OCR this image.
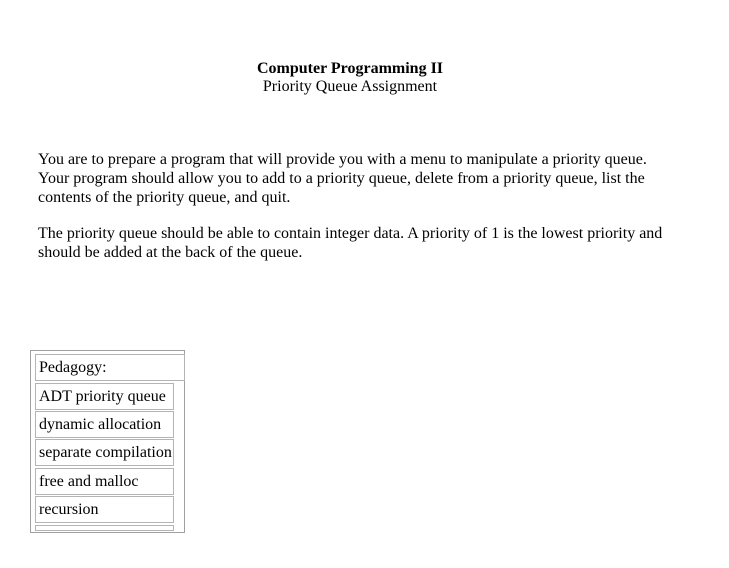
Computer Programming II
Priority Queue Assignment

You are to prepare a program that will provide you with a menu to manipulate a priority queue. Your program should allow you to add to a priority queue, delete from a priority queue, list the contents of the priority queue, and quit.

The priority queue should be able to contain integer data. A priority of 1 is the lowest priority and should be added at the back of the queue.

Pedagogy:
ADT priority queue
dynamic allocation
separate compilation
free and malloc
recursion
